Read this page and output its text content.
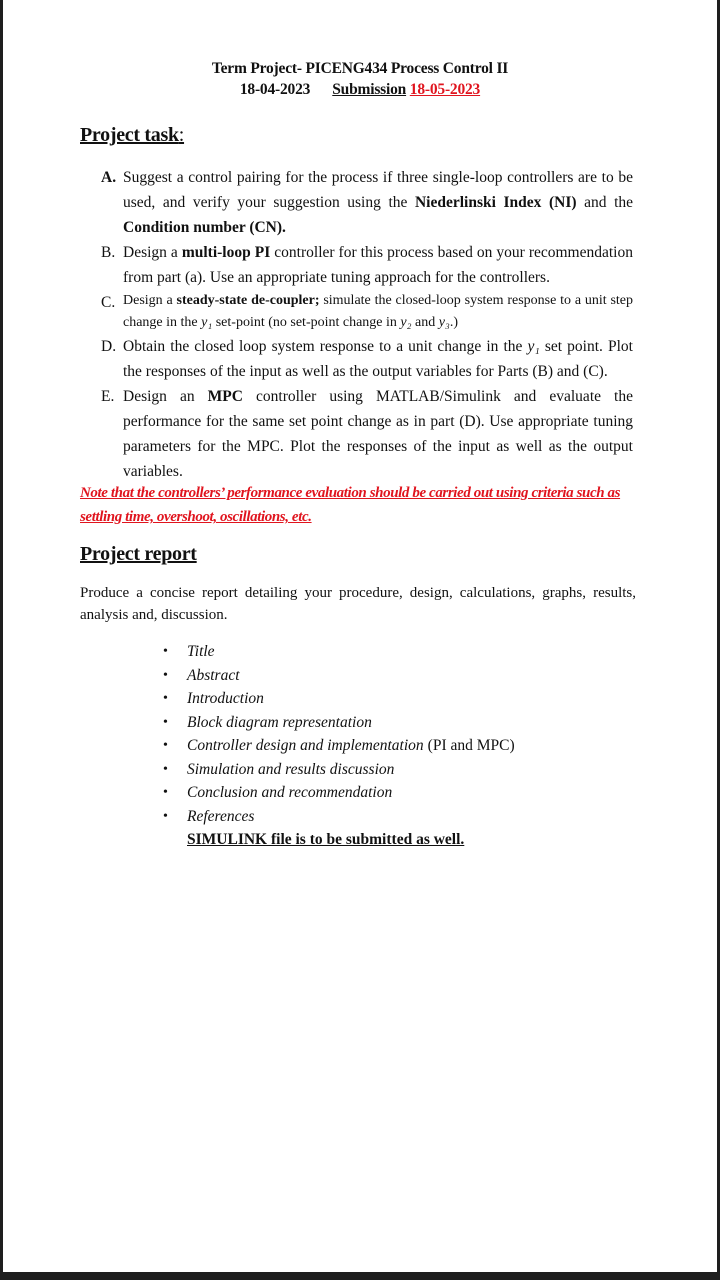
Term Project- PICENG434 Process Control II
18-04-2023 Submission 18-05-2023
Project task:
A. Suggest a control pairing for the process if three single-loop controllers are to be used, and verify your suggestion using the Niederlinski Index (NI) and the Condition number (CN).
B. Design a multi-loop PI controller for this process based on your recommendation from part (a). Use an appropriate tuning approach for the controllers.
C. Design a steady-state de-coupler; simulate the closed-loop system response to a unit step change in the y₁ set-point (no set-point change in y₂ and y₃.)
D. Obtain the closed loop system response to a unit change in the y₁ set point. Plot the responses of the input as well as the output variables for Parts (B) and (C).
E. Design an MPC controller using MATLAB/Simulink and evaluate the performance for the same set point change as in part (D). Use appropriate tuning parameters for the MPC. Plot the responses of the input as well as the output variables.
Note that the controllers’ performance evaluation should be carried out using criteria such as settling time, overshoot, oscillations, etc.
Project report
Produce a concise report detailing your procedure, design, calculations, graphs, results, analysis and, discussion.
•	Title
•	Abstract
•	Introduction
•	Block diagram representation
•	Controller design and implementation (PI and MPC)
•	Simulation and results discussion
•	Conclusion and recommendation
•	References
SIMULINK file is to be submitted as well.
